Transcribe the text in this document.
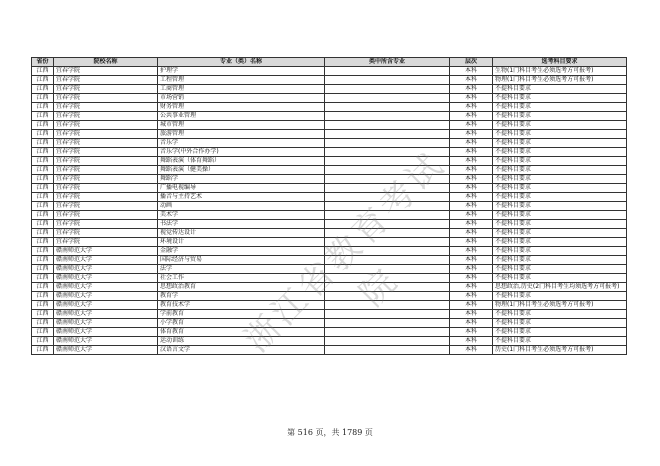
省份	院校名称	专业（类）名称	类中所含专业	层次	选考科目要求
江西	宜春学院	护理学		本科	生物(1门科目考生必须选考方可报考)
江西	宜春学院	工程管理		本科	物理(1门科目考生必须选考方可报考)
江西	宜春学院	工商管理		本科	不提科目要求
江西	宜春学院	市场营销		本科	不提科目要求
江西	宜春学院	财务管理		本科	不提科目要求
江西	宜春学院	公共事业管理		本科	不提科目要求
江西	宜春学院	城市管理		本科	不提科目要求
江西	宜春学院	旅游管理		本科	不提科目要求
江西	宜春学院	音乐学		本科	不提科目要求
江西	宜春学院	音乐学(中外合作办学)		本科	不提科目要求
江西	宜春学院	舞蹈表演（体育舞蹈）		本科	不提科目要求
江西	宜春学院	舞蹈表演（健美操）		本科	不提科目要求
江西	宜春学院	舞蹈学		本科	不提科目要求
江西	宜春学院	广播电视编导		本科	不提科目要求
江西	宜春学院	播音与主持艺术		本科	不提科目要求
江西	宜春学院	动画		本科	不提科目要求
江西	宜春学院	美术学		本科	不提科目要求
江西	宜春学院	书法学		本科	不提科目要求
江西	宜春学院	视觉传达设计		本科	不提科目要求
江西	宜春学院	环境设计		本科	不提科目要求
江西	赣南师范大学	金融学		本科	不提科目要求
江西	赣南师范大学	国际经济与贸易		本科	不提科目要求
江西	赣南师范大学	法学		本科	不提科目要求
江西	赣南师范大学	社会工作		本科	不提科目要求
江西	赣南师范大学	思想政治教育		本科	思想政治,历史(2门科目考生均须选考方可报考)
江西	赣南师范大学	教育学		本科	不提科目要求
江西	赣南师范大学	教育技术学		本科	物理(1门科目考生必须选考方可报考)
江西	赣南师范大学	学前教育		本科	不提科目要求
江西	赣南师范大学	小学教育		本科	不提科目要求
江西	赣南师范大学	体育教育		本科	不提科目要求
江西	赣南师范大学	运动训练		本科	不提科目要求
江西	赣南师范大学	汉语言文学		本科	历史(1门科目考生必须选考方可报考)
第 516 页，共 1789 页
浙江省教育考试院
